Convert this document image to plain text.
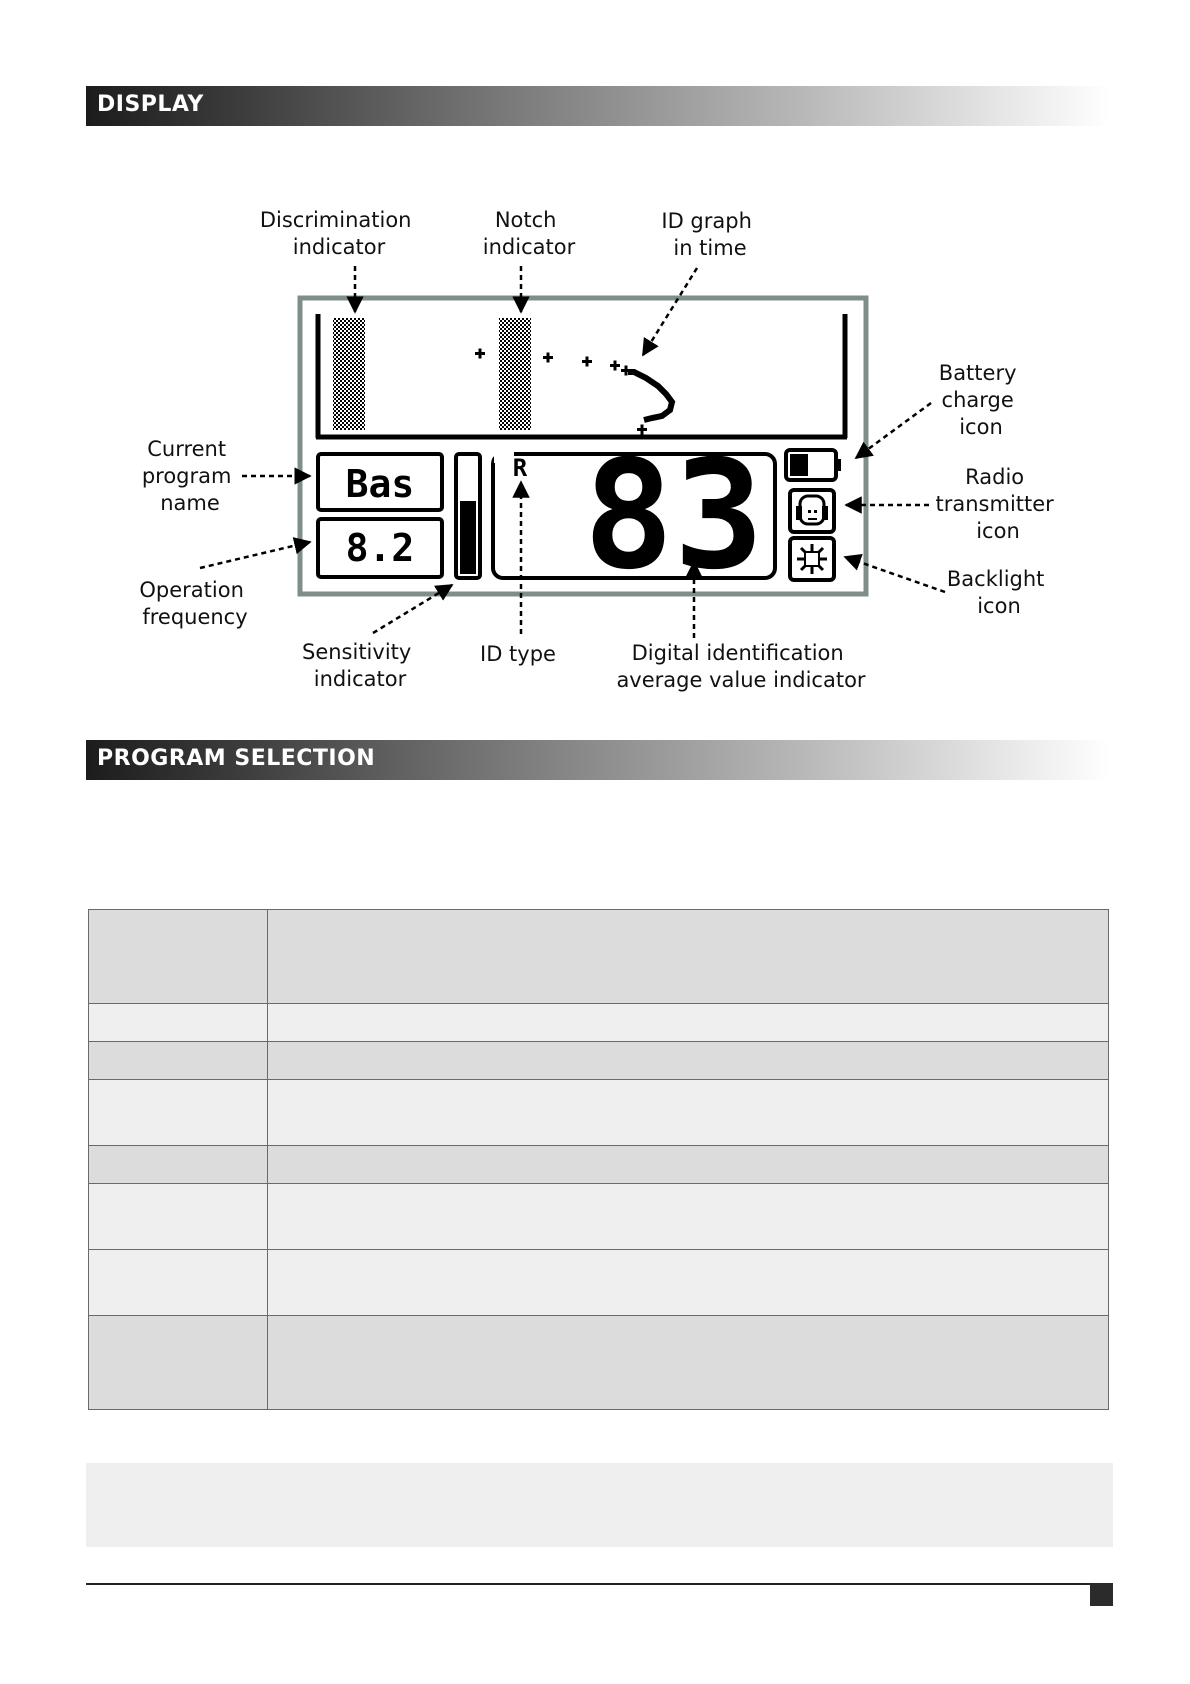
DISPLAY
PROGRAM SELECTION
Bas
8.2
R 83
Discrimination indicator
Notch indicator
ID graph in time
Battery charge icon
Current program name
Radio transmitter icon
Backlight icon
Operation frequency
Sensitivity indicator
ID type	Digital identification average value indicator
